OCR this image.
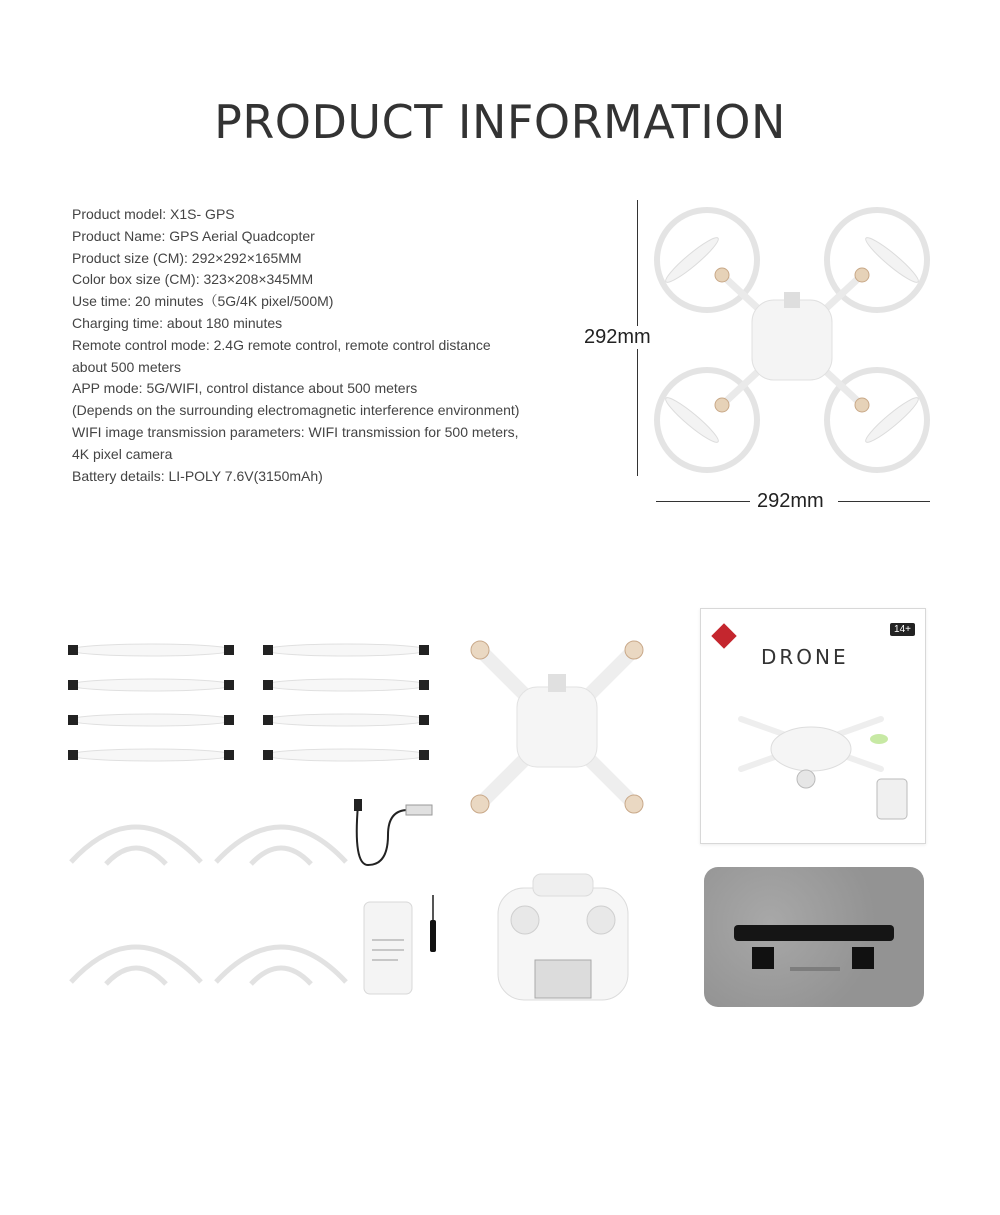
PRODUCT INFORMATION
Product model: X1S- GPS
Product Name: GPS Aerial Quadcopter
Product size (CM): 292×292×165MM
Color box size (CM): 323×208×345MM
Use time: 20 minutes（5G/4K pixel/500M)
Charging time: about 180 minutes
Remote control mode: 2.4G remote control, remote control distance
about 500 meters
APP mode: 5G/WIFI, control distance about 500 meters
(Depends on the surrounding electromagnetic interference environment)
WIFI image transmission parameters: WIFI transmission for 500 meters,
4K pixel camera
Battery details: LI-POLY 7.6V(3150mAh)
292mm
292mm
14+
DRONE
